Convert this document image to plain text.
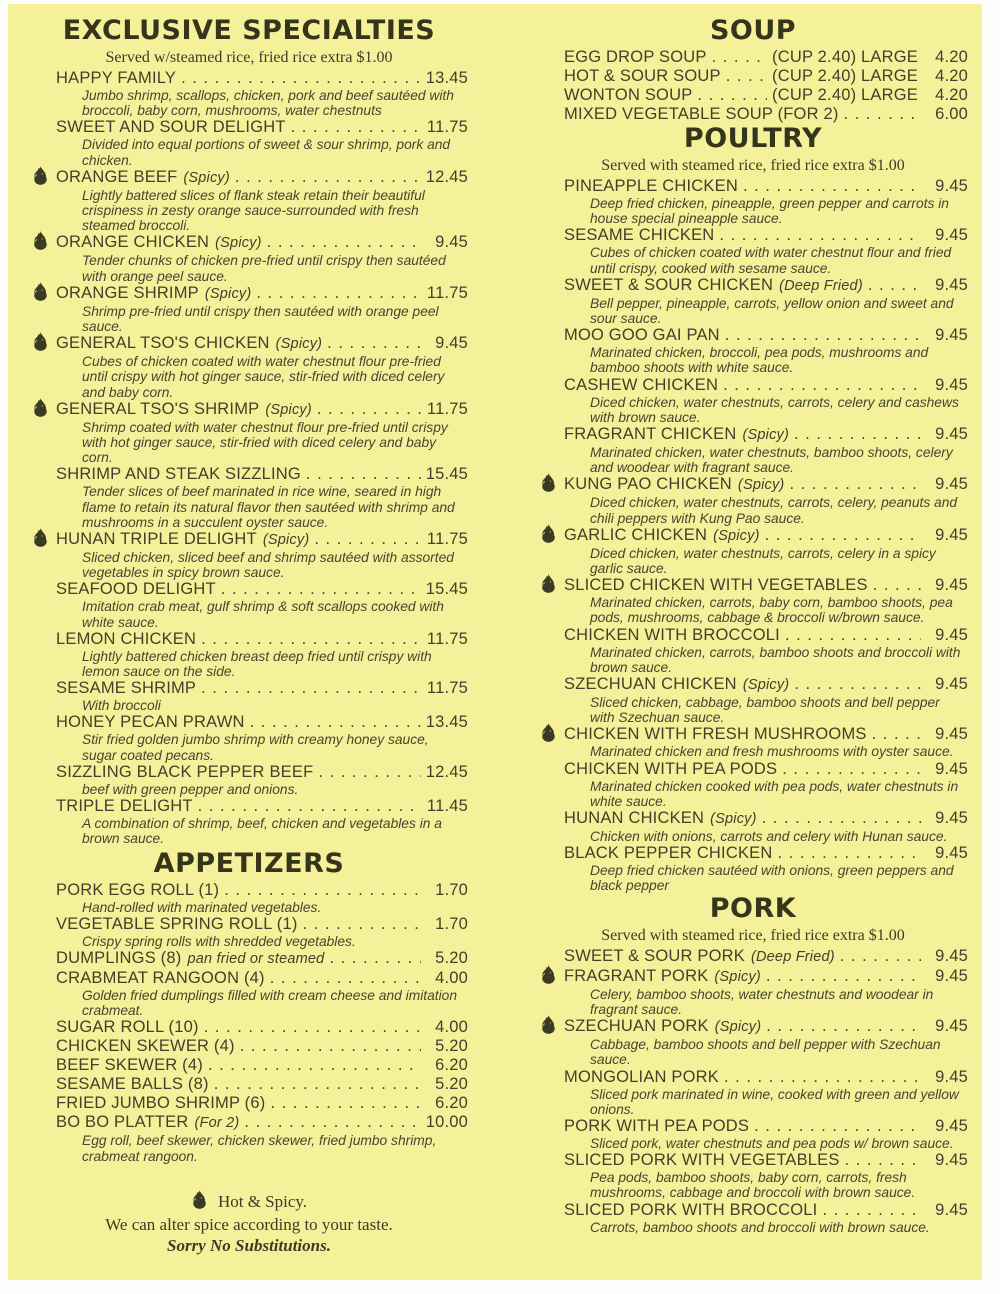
EXCLUSIVE SPECIALTIES
Served w/steamed rice, fried rice extra $1.00
HAPPY FAMILY . . .	13.45
Jumbo shrimp, scallops, chicken, pork and beef sautéed with broccoli, baby corn, mushrooms, water chestnuts
SWEET AND SOUR DELIGHT . . .	11.75
Divided into equal portions of sweet & sour shrimp, pork and chicken.
ORANGE BEEF (Spicy) . . .	12.45
Lightly battered slices of flank steak retain their beautiful crispiness in zesty orange sauce-surrounded with fresh steamed broccoli.
ORANGE CHICKEN (Spicy) . . .	9.45
Tender chunks of chicken pre-fried until crispy then sautéed with orange peel sauce.
ORANGE SHRIMP (Spicy) . . .	11.75
Shrimp pre-fried until crispy then sautéed with orange peel sauce.
GENERAL TSO'S CHICKEN (Spicy) . . .	9.45
Cubes of chicken coated with water chestnut flour pre-fried until crispy with hot ginger sauce, stir-fried with diced celery and baby corn.
GENERAL TSO'S SHRIMP (Spicy) . . .	11.75
Shrimp coated with water chestnut flour pre-fried until crispy with hot ginger sauce, stir-fried with diced celery and baby corn.
SHRIMP AND STEAK SIZZLING . . .	15.45
Tender slices of beef marinated in rice wine, seared in high flame to retain its natural flavor then sautéed with shrimp and mushrooms in a succulent oyster sauce.
HUNAN TRIPLE DELIGHT (Spicy) . . .	11.75
Sliced chicken, sliced beef and shrimp sautéed with assorted vegetables in spicy brown sauce.
SEAFOOD DELIGHT . . .	15.45
Imitation crab meat, gulf shrimp & soft scallops cooked with white sauce.
LEMON CHICKEN . . .	11.75
Lightly battered chicken breast deep fried until crispy with lemon sauce on the side.
SESAME SHRIMP . . .	11.75
With broccoli
HONEY PECAN PRAWN . . .	13.45
Stir fried golden jumbo shrimp with creamy honey sauce, sugar coated pecans.
SIZZLING BLACK PEPPER BEEF . . .	12.45
beef with green pepper and onions.
TRIPLE DELIGHT . . .	11.45
A combination of shrimp, beef, chicken and vegetables in a brown sauce.
APPETIZERS
PORK EGG ROLL (1) . . .	1.70
Hand-rolled with marinated vegetables.
VEGETABLE SPRING ROLL (1) . . .	1.70
Crispy spring rolls with shredded vegetables.
DUMPLINGS (8) pan fried or steamed . . .	5.20
CRABMEAT RANGOON (4) . . .	4.00
Golden fried dumplings filled with cream cheese and imitation crabmeat.
SUGAR ROLL (10) . . .	4.00
CHICKEN SKEWER (4) . . .	5.20
BEEF SKEWER (4) . . .	6.20
SESAME BALLS (8) . . .	5.20
FRIED JUMBO SHRIMP (6) . . .	6.20
BO BO PLATTER (For 2) . . .	10.00
Egg roll, beef skewer, chicken skewer, fried jumbo shrimp, crabmeat rangoon.
Hot & Spicy.
We can alter spice according to your taste.
Sorry No Substitutions.
SOUP
EGG DROP SOUP . . .	(CUP 2.40) LARGE	4.20
HOT & SOUR SOUP . . .	(CUP 2.40) LARGE	4.20
WONTON SOUP . . .	(CUP 2.40) LARGE	4.20
MIXED VEGETABLE SOUP (FOR 2) . . .	6.00
POULTRY
Served with steamed rice, fried rice extra $1.00
PINEAPPLE CHICKEN . . .	9.45
Deep fried chicken, pineapple, green pepper and carrots in house special pineapple sauce.
SESAME CHICKEN . . .	9.45
Cubes of chicken coated with water chestnut flour and fried until crispy, cooked with sesame sauce.
SWEET & SOUR CHICKEN (Deep Fried) . . .	9.45
Bell pepper, pineapple, carrots, yellow onion and sweet and sour sauce.
MOO GOO GAI PAN . . .	9.45
Marinated chicken, broccoli, pea pods, mushrooms and bamboo shoots with white sauce.
CASHEW CHICKEN . . .	9.45
Diced chicken, water chestnuts, carrots, celery and cashews with brown sauce.
FRAGRANT CHICKEN (Spicy) . . .	9.45
Marinated chicken, water chestnuts, bamboo shoots, celery and woodear with fragrant sauce.
KUNG PAO CHICKEN (Spicy) . . .	9.45
Diced chicken, water chestnuts, carrots, celery, peanuts and chili peppers with Kung Pao sauce.
GARLIC CHICKEN (Spicy) . . .	9.45
Diced chicken, water chestnuts, carrots, celery in a spicy garlic sauce.
SLICED CHICKEN WITH VEGETABLES . . .	9.45
Marinated chicken, carrots, baby corn, bamboo shoots, pea pods, mushrooms, cabbage & broccoli w/brown sauce.
CHICKEN WITH BROCCOLI . . .	9.45
Marinated chicken, carrots, bamboo shoots and broccoli with brown sauce.
SZECHUAN CHICKEN (Spicy) . . .	9.45
Sliced chicken, cabbage, bamboo shoots and bell pepper with Szechuan sauce.
CHICKEN WITH FRESH MUSHROOMS . . .	9.45
Marinated chicken and fresh mushrooms with oyster sauce.
CHICKEN WITH PEA PODS . . .	9.45
Marinated chicken cooked with pea pods, water chestnuts in white sauce.
HUNAN CHICKEN (Spicy) . . .	9.45
Chicken with onions, carrots and celery with Hunan sauce.
BLACK PEPPER CHICKEN . . .	9.45
Deep fried chicken sautéed with onions, green peppers and black pepper
PORK
Served with steamed rice, fried rice extra $1.00
SWEET & SOUR PORK (Deep Fried) . . .	9.45
FRAGRANT PORK (Spicy) . . .	9.45
Celery, bamboo shoots, water chestnuts and woodear in fragrant sauce.
SZECHUAN PORK (Spicy) . . .	9.45
Cabbage, bamboo shoots and bell pepper with Szechuan sauce.
MONGOLIAN PORK . . .	9.45
Sliced pork marinated in wine, cooked with green and yellow onions.
PORK WITH PEA PODS . . .	9.45
Sliced pork, water chestnuts and pea pods w/ brown sauce.
SLICED PORK WITH VEGETABLES . . .	9.45
Pea pods, bamboo shoots, baby corn, carrots, fresh mushrooms, cabbage and broccoli with brown sauce.
SLICED PORK WITH BROCCOLI . . .	9.45
Carrots, bamboo shoots and broccoli with brown sauce.
